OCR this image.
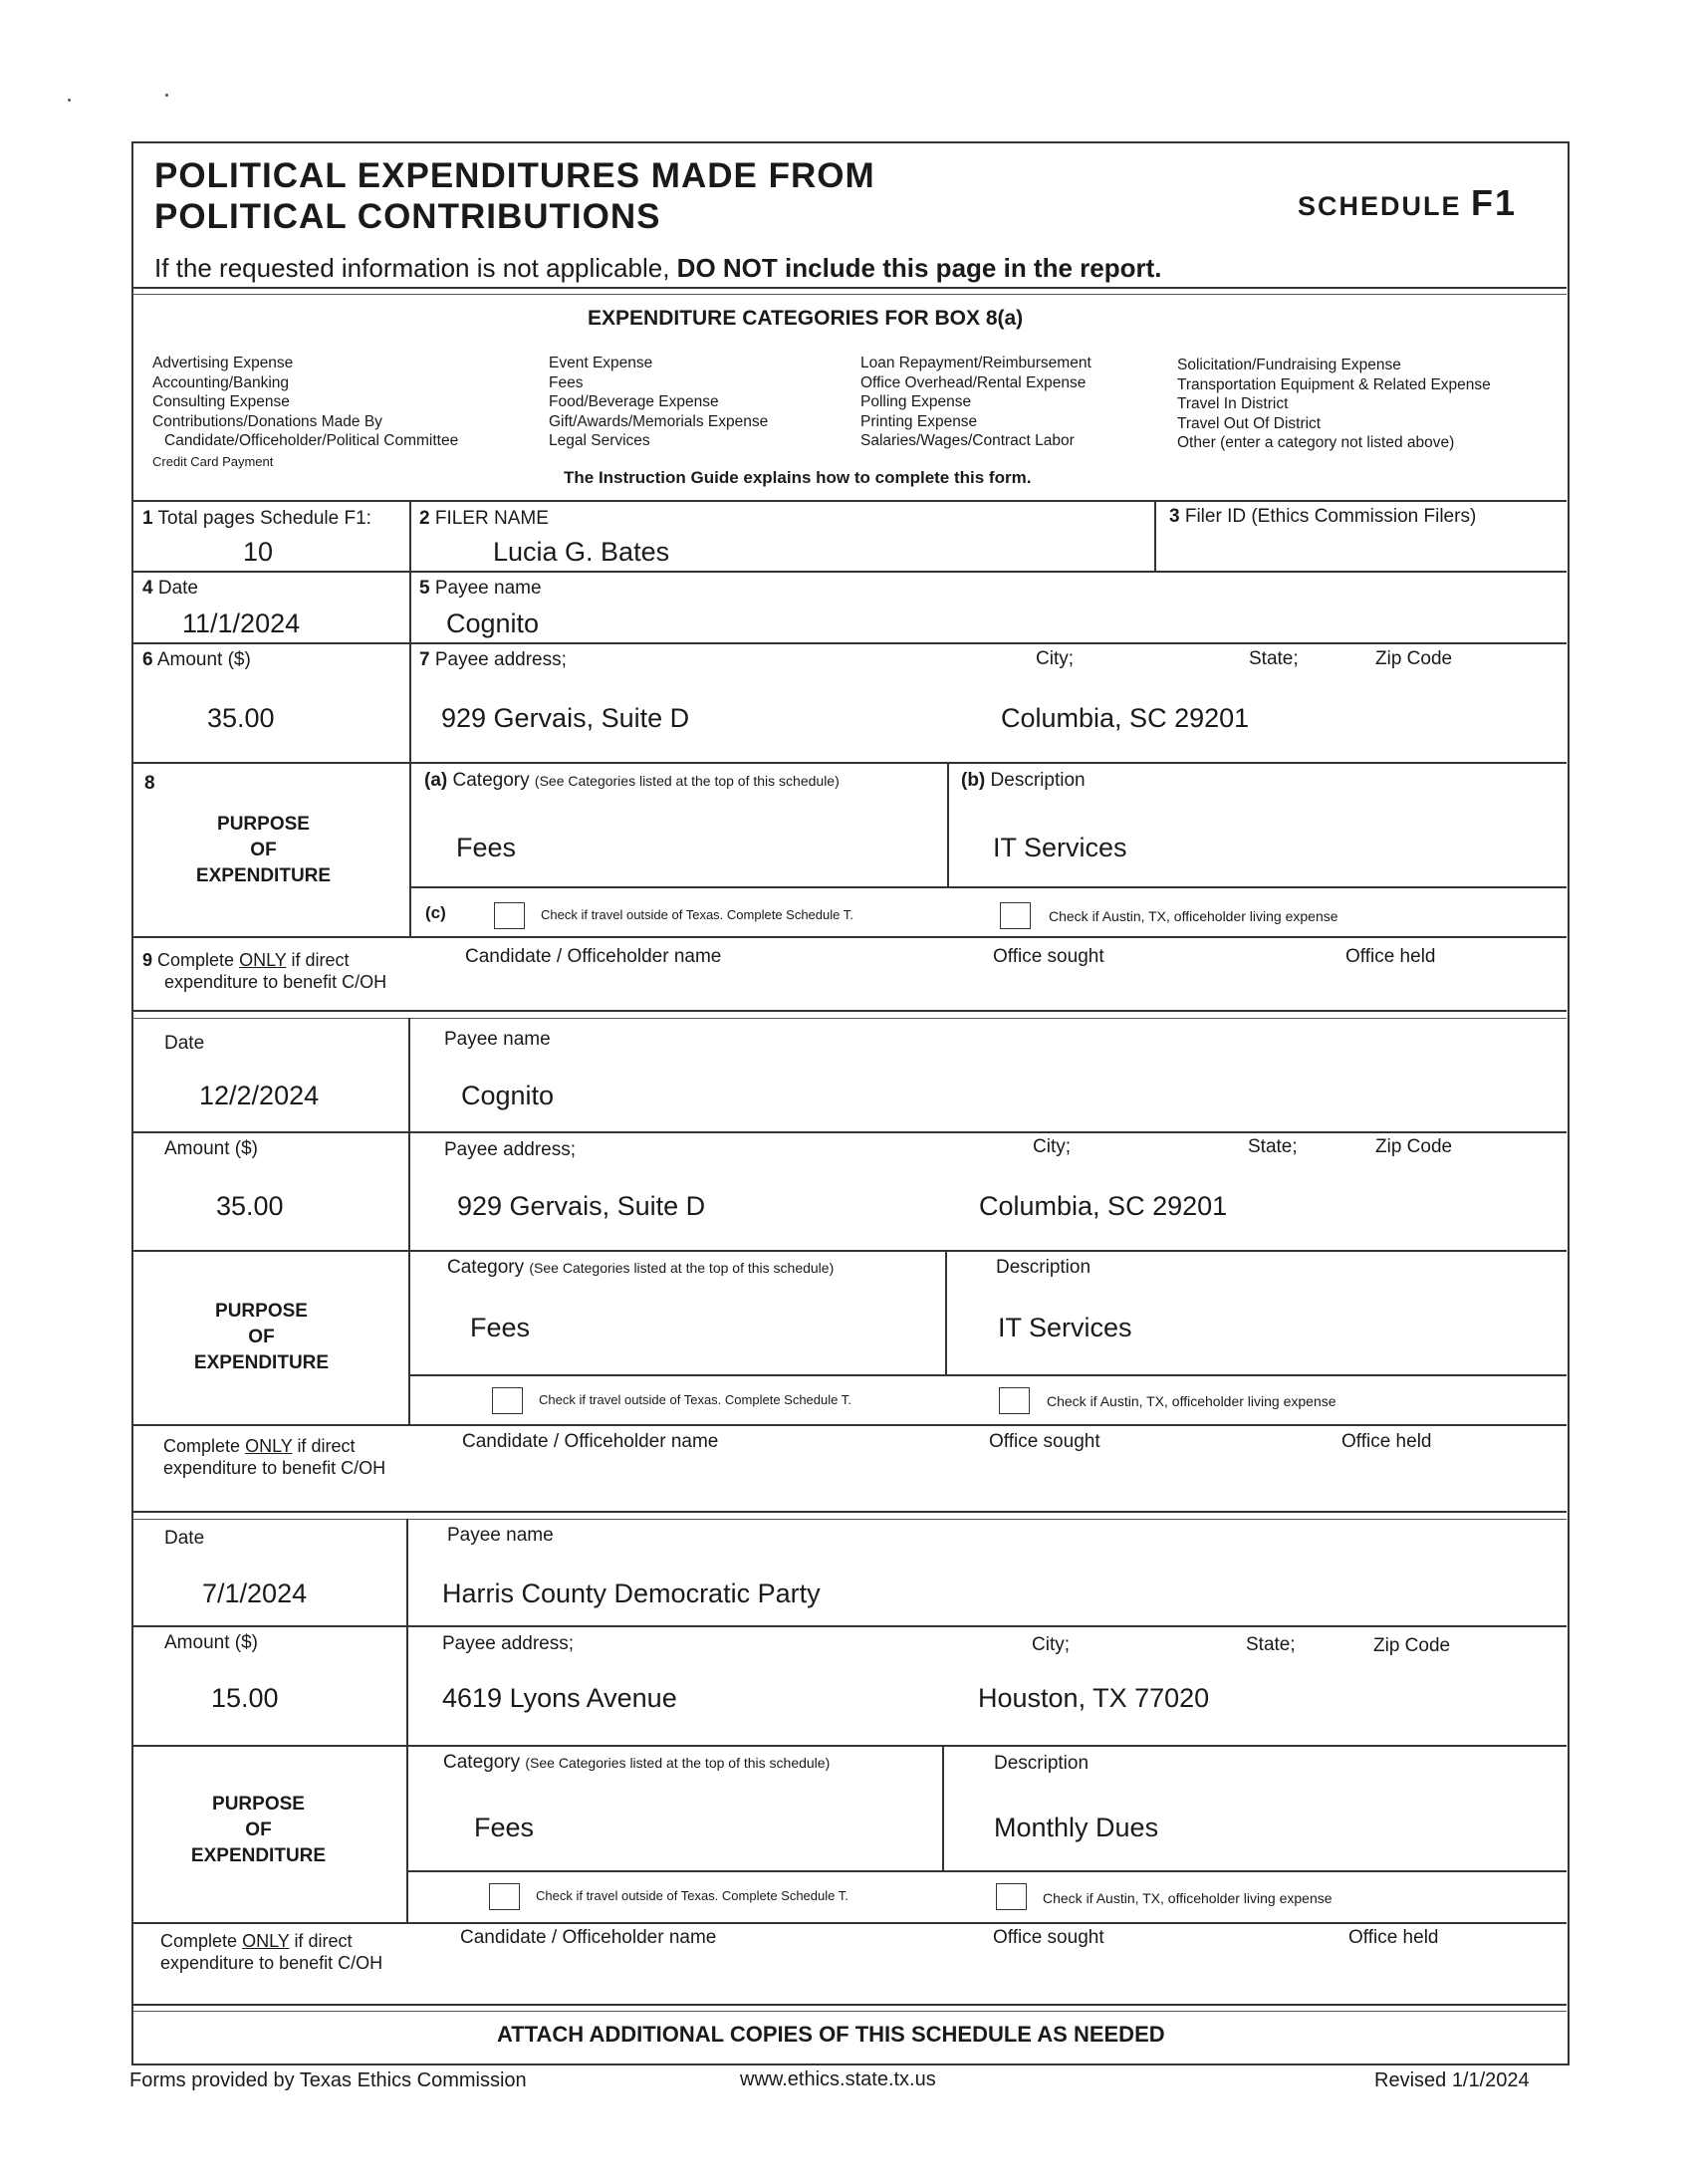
POLITICAL EXPENDITURES MADE FROM
POLITICAL CONTRIBUTIONS	SCHEDULE F1
If the requested information is not applicable, DO NOT include this page in the report.
EXPENDITURE CATEGORIES FOR BOX 8(a)
Advertising Expense
Accounting/Banking
Consulting Expense
Contributions/Donations Made By
Candidate/Officeholder/Political Committee
Credit Card Payment
Event Expense
Fees
Food/Beverage Expense
Gift/Awards/Memorials Expense
Legal Services
Loan Repayment/Reimbursement
Office Overhead/Rental Expense
Polling Expense
Printing Expense
Salaries/Wages/Contract Labor
Solicitation/Fundraising Expense
Transportation Equipment & Related Expense
Travel In District
Travel Out Of District
Other (enter a category not listed above)
The Instruction Guide explains how to complete this form.
1 Total pages Schedule F1:
10
2 FILER NAME
Lucia G. Bates
3 Filer ID (Ethics Commission Filers)
4 Date
11/1/2024
5 Payee name
Cognito
6 Amount ($)
35.00
7 Payee address;	City;	State;	Zip Code
929 Gervais, Suite D	Columbia, SC 29201
8
PURPOSE
OF
EXPENDITURE
(a) Category (See Categories listed at the top of this schedule)	(b) Description
Fees	IT Services
(c)	Check if travel outside of Texas. Complete Schedule T.	Check if Austin, TX, officeholder living expense
9 Complete ONLY if direct
expenditure to benefit C/OH
Candidate / Officeholder name	Office sought	Office held
Date
12/2/2024
Payee name
Cognito
Amount ($)
35.00
Payee address;	City;	State;	Zip Code
929 Gervais, Suite D	Columbia, SC 29201
PURPOSE
OF
EXPENDITURE
Category (See Categories listed at the top of this schedule)	Description
Fees	IT Services
Check if travel outside of Texas. Complete Schedule T.	Check if Austin, TX, officeholder living expense
Complete ONLY if direct
expenditure to benefit C/OH
Candidate / Officeholder name	Office sought	Office held
Date
7/1/2024
Payee name
Harris County Democratic Party
Amount ($)
15.00
Payee address;	City;	State;	Zip Code
4619 Lyons Avenue	Houston, TX 77020
PURPOSE
OF
EXPENDITURE
Category (See Categories listed at the top of this schedule)	Description
Fees	Monthly Dues
Check if travel outside of Texas. Complete Schedule T.	Check if Austin, TX, officeholder living expense
Complete ONLY if direct
expenditure to benefit C/OH
Candidate / Officeholder name	Office sought	Office held
ATTACH ADDITIONAL COPIES OF THIS SCHEDULE AS NEEDED
Forms provided by Texas Ethics Commission	www.ethics.state.tx.us	Revised 1/1/2024
